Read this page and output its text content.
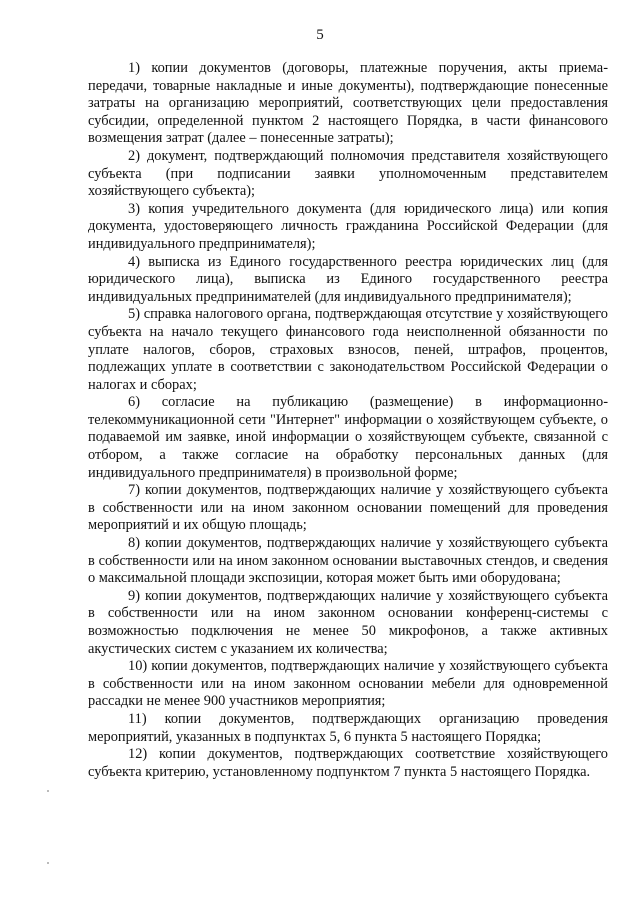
5

1) копии документов (договоры, платежные поручения, акты приема-передачи, товарные накладные и иные документы), подтверждающие понесенные затраты на организацию мероприятий, соответствующих цели предоставления субсидии, определенной пунктом 2 настоящего Порядка, в части финансового возмещения затрат (далее – понесенные затраты);

2) документ, подтверждающий полномочия представителя хозяйствующего субъекта (при подписании заявки уполномоченным представителем хозяйствующего субъекта);

3) копия учредительного документа (для юридического лица) или копия документа, удостоверяющего личность гражданина Российской Федерации (для индивидуального предпринимателя);

4) выписка из Единого государственного реестра юридических лиц (для юридического лица), выписка из Единого государственного реестра индивидуальных предпринимателей (для индивидуального предпринимателя);

5) справка налогового органа, подтверждающая отсутствие у хозяйствующего субъекта на начало текущего финансового года неисполненной обязанности по уплате налогов, сборов, страховых взносов, пеней, штрафов, процентов, подлежащих уплате в соответствии с законодательством Российской Федерации о налогах и сборах;

6) согласие на публикацию (размещение) в информационно-телекоммуникационной сети "Интернет" информации о хозяйствующем субъекте, о подаваемой им заявке, иной информации о хозяйствующем субъекте, связанной с отбором, а также согласие на обработку персональных данных (для индивидуального предпринимателя) в произвольной форме;

7) копии документов, подтверждающих наличие у хозяйствующего субъекта в собственности или на ином законном основании помещений для проведения мероприятий и их общую площадь;

8) копии документов, подтверждающих наличие у хозяйствующего субъекта в собственности или на ином законном основании выставочных стендов, и сведения о максимальной площади экспозиции, которая может быть ими оборудована;

9) копии документов, подтверждающих наличие у хозяйствующего субъекта в собственности или на ином законном основании конференц-системы с возможностью подключения не менее 50 микрофонов, а также активных акустических систем с указанием их количества;

10) копии документов, подтверждающих наличие у хозяйствующего субъекта в собственности или на ином законном основании мебели для одновременной рассадки не менее 900 участников мероприятия;

11) копии документов, подтверждающих организацию проведения мероприятий, указанных в подпунктах 5, 6 пункта 5 настоящего Порядка;

12) копии документов, подтверждающих соответствие хозяйствующего субъекта критерию, установленному подпунктом 7 пункта 5 настоящего Порядка.
